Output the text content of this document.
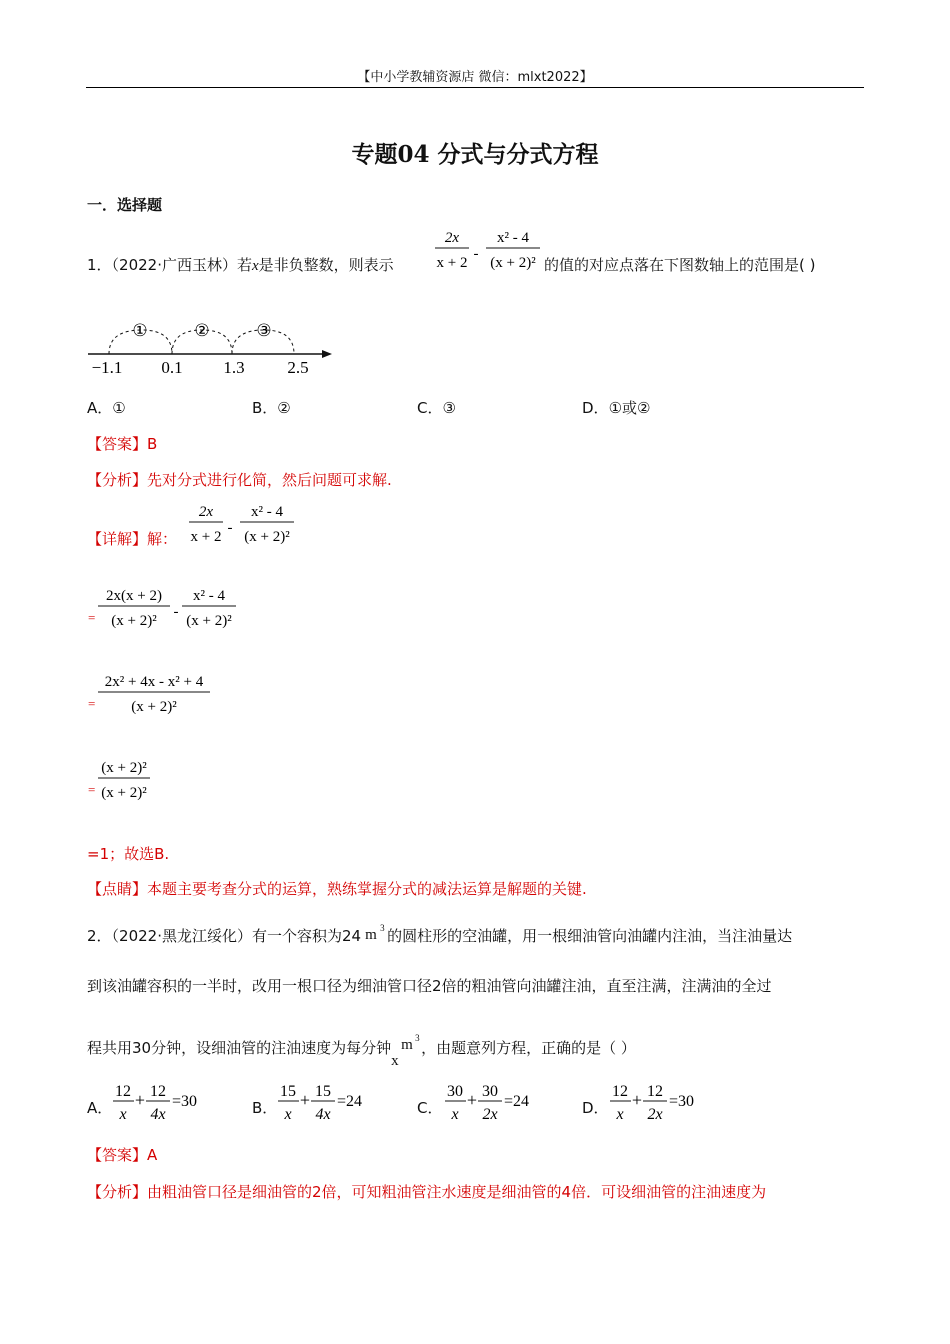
【中小学教辅资源店 微信：mlxt2022】
专题04 分式与分式方程
一．选择题
1．（2022·广西玉林）若x是非负整数，则表示
2x
x + 2
-
x² - 4
(x + 2)² 的值的对应点落在下图数轴上的范围是( )
①	②	③
−1.1 0.1 1.3	2.5
A．①	B．②	C．③	D．①或②
【答案】B
【分析】先对分式进行化简，然后问题可求解.
【详解】解：
2x
x + 2
-
x² - 4
(x + 2)²
=
2x(x + 2)
(x + 2)²
-
x² - 4
(x + 2)²
=
2x² + 4x - x² + 4
(x + 2)²
=
(x + 2)²
(x + 2)²
=1；故选B.
【点睛】本题主要考查分式的运算，熟练掌握分式的减法运算是解题的关键.
2．（2022·黑龙江绥化）有一个容积为24 m 3 的圆柱形的空油罐，用一根细油管向油罐内注油，当注油量达
到该油罐容积的一半时，改用一根口径为细油管口径2倍的粗油管向油罐注油，直至注满，注满油的全过
程共用30分钟，设细油管的注油速度为每分钟
x
m 3
，由题意列方程，正确的是（ ）
A．
12
x
+ 12
4x
=30	B．
15
x
+ 15
4x
=24	C．
30
x
+ 30
2x
=24	D．
12
x
+ 12
2x
=30
【答案】A
【分析】由粗油管口径是细油管的2倍，可知粗油管注水速度是细油管的4倍．可设细油管的注油速度为
